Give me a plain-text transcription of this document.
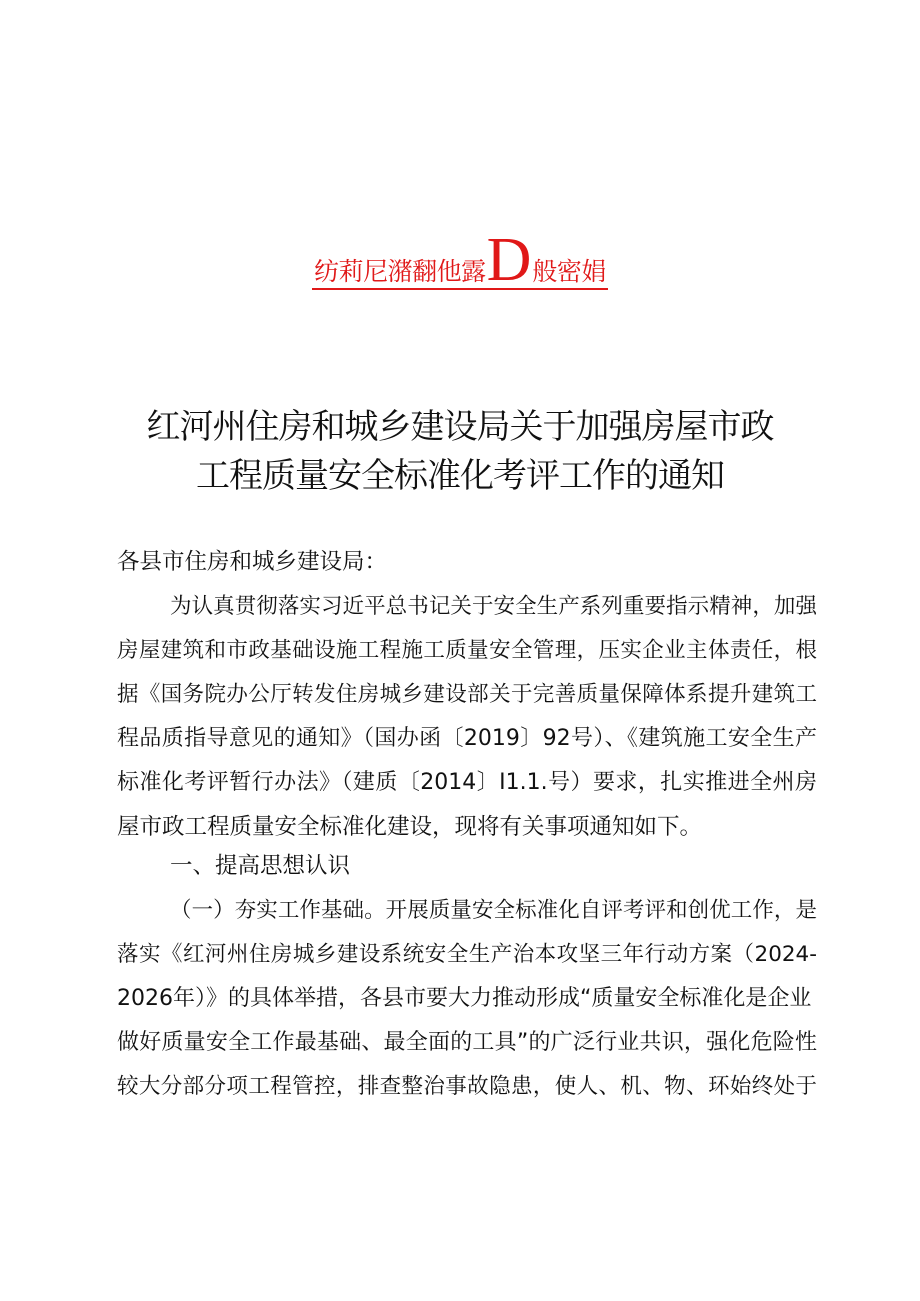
纺莉尼潴翻他露D般密娟
红河州住房和城乡建设局关于加强房屋市政
工程质量安全标准化考评工作的通知
各县市住房和城乡建设局：
为认真贯彻落实习近平总书记关于安全生产系列重要指示精神，加强
房屋建筑和市政基础设施工程施工质量安全管理，压实企业主体责任，根
据《国务院办公厅转发住房城乡建设部关于完善质量保障体系提升建筑工
程品质指导意见的通知》（国办函〔2019〕92号）、《建筑施工安全生产
标准化考评暂行办法》（建质〔2014〕I1.1.号）要求，扎实推进全州房
屋市政工程质量安全标准化建设，现将有关事项通知如下。
一、提高思想认识
（一）夯实工作基础。开展质量安全标准化自评考评和创优工作，是
落实《红河州住房城乡建设系统安全生产治本攻坚三年行动方案（2024-
2026年）》的具体举措，各县市要大力推动形成“质量安全标准化是企业
做好质量安全工作最基础、最全面的工具”的广泛行业共识，强化危险性
较大分部分项工程管控，排查整治事故隐患，使人、机、物、环始终处于
